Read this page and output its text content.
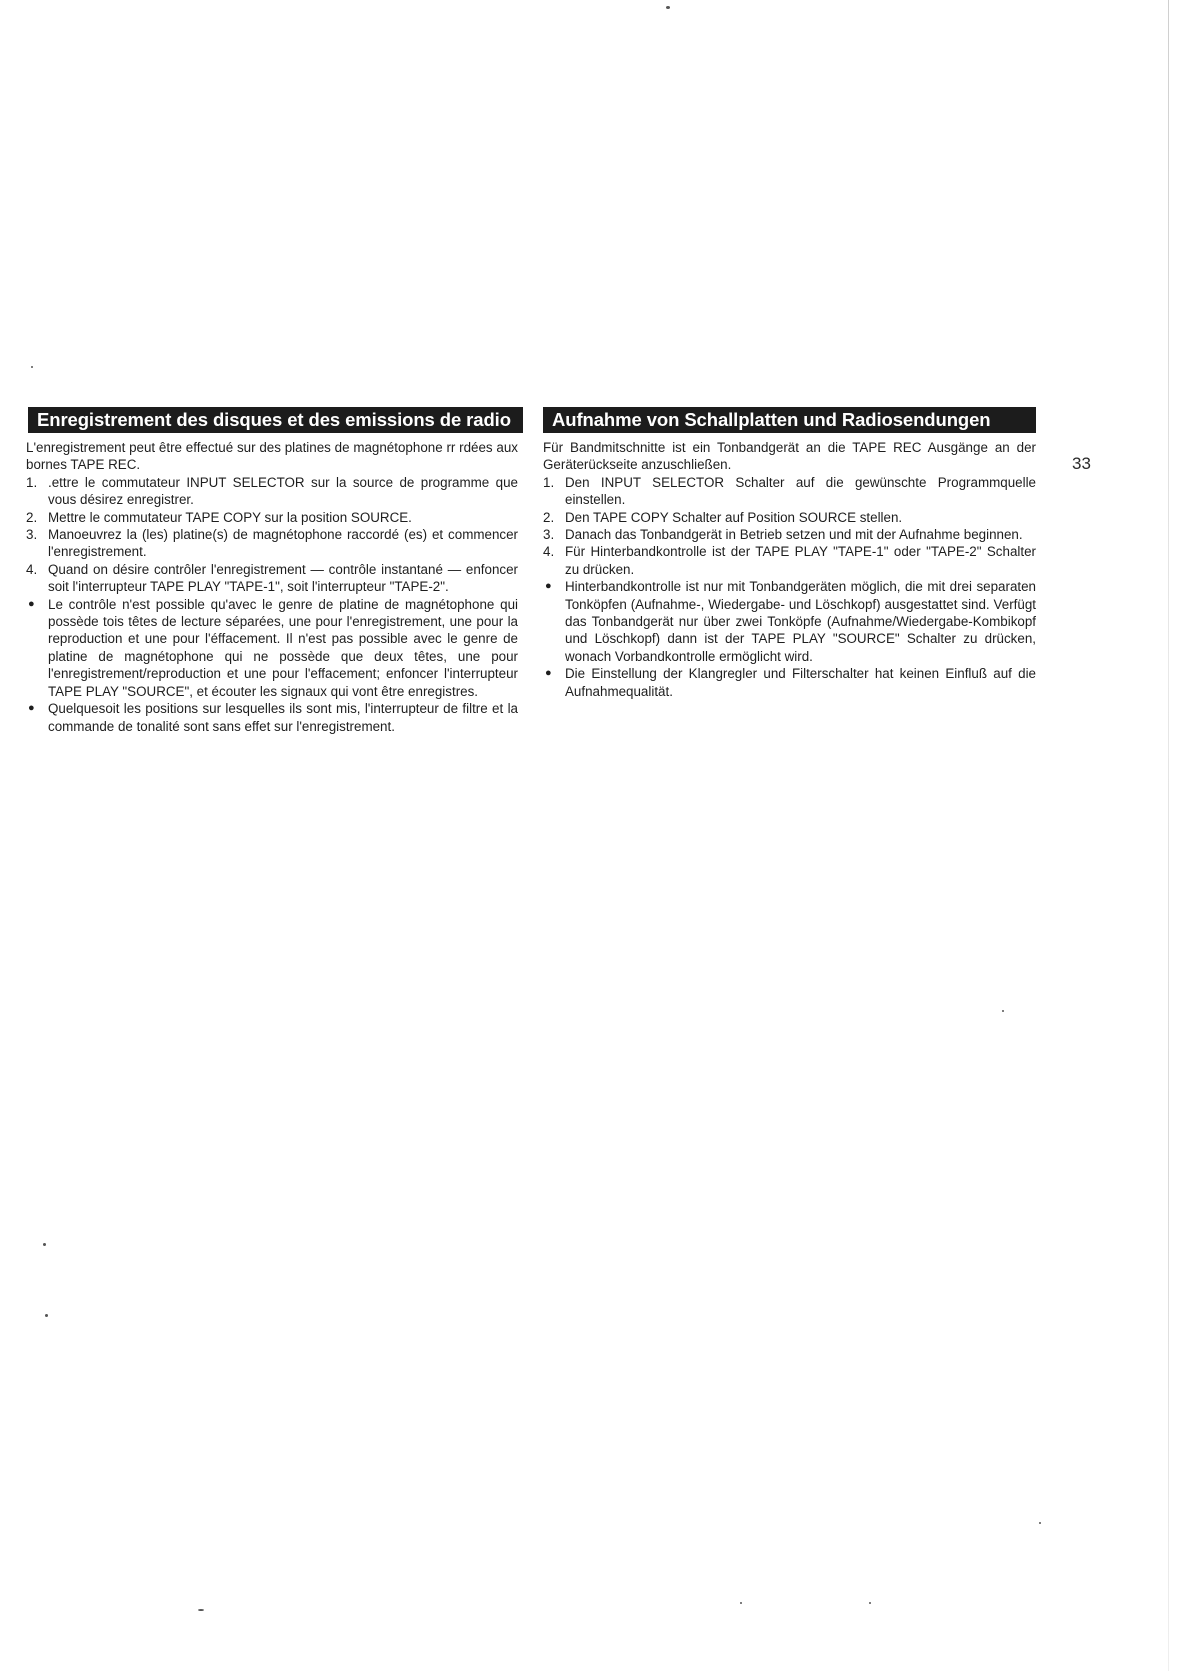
33
Enregistrement des disques et des emissions de radio

L'enregistrement peut être effectué sur des platines de magnétophone rr rdées aux bornes TAPE REC.

1. .ettre le commutateur INPUT SELECTOR sur la source de programme que vous désirez enregistrer.
2. Mettre le commutateur TAPE COPY sur la position SOURCE.
3. Manoeuvrez la (les) platine(s) de magnétophone raccordé (es) et commencer l'enregistrement.
4. Quand on désire contrôler l'enregistrement — contrôle instantané — enfoncer soit l'interrupteur TAPE PLAY "TAPE-1", soit l'interrupteur "TAPE-2".
● Le contrôle n'est possible qu'avec le genre de platine de magnétophone qui possède tois têtes de lecture séparées, une pour l'enregistrement, une pour la reproduction et une pour l'éffacement. Il n'est pas possible avec le genre de platine de magnétophone qui ne possède que deux têtes, une pour l'enregistrement/reproduction et une pour l'effacement; enfoncer l'interrupteur TAPE PLAY "SOURCE", et écouter les signaux qui vont être enregistres.
● Quelquesoit les positions sur lesquelles ils sont mis, l'interrupteur de filtre et la commande de tonalité sont sans effet sur l'enregistrement.
Aufnahme von Schallplatten und Radiosendungen

Für Bandmitschnitte ist ein Tonbandgerät an die TAPE REC Ausgänge an der Geräterückseite anzuschließen.

1. Den INPUT SELECTOR Schalter auf die gewünschte Programmquelle einstellen.
2. Den TAPE COPY Schalter auf Position SOURCE stellen.
3. Danach das Tonbandgerät in Betrieb setzen und mit der Aufnahme beginnen.
4. Für Hinterbandkontrolle ist der TAPE PLAY "TAPE-1" oder "TAPE-2" Schalter zu drücken.
● Hinterbandkontrolle ist nur mit Tonbandgeräten möglich, die mit drei separaten Tonköpfen (Aufnahme-, Wiedergabe- und Löschkopf) ausgestattet sind. Verfügt das Tonbandgerät nur über zwei Tonköpfe (Aufnahme/Wiedergabe-Kombikopf und Löschkopf) dann ist der TAPE PLAY "SOURCE" Schalter zu drücken, wonach Vorbandkontrolle ermöglicht wird.
● Die Einstellung der Klangregler und Filterschalter hat keinen Einfluß auf die Aufnahmequalität.
